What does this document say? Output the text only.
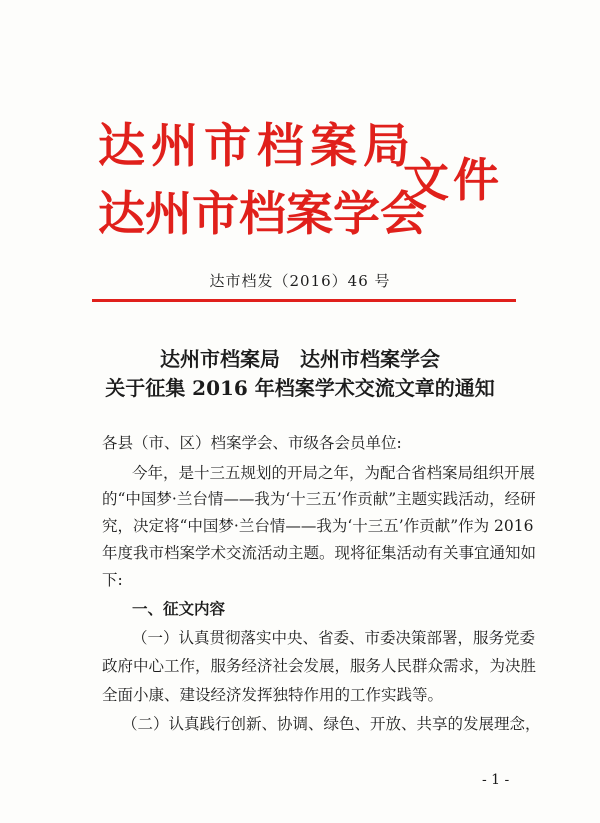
达州市档案局
达州市档案学会
文件
达市档发（2016）46 号
达州市档案局　达州市档案学会
关于征集 2016 年档案学术交流文章的通知
各县（市、区）档案学会、市级各会员单位:
今年，是十三五规划的开局之年，为配合省档案局组织开展
的“中国梦·兰台情——我为‘十三五’作贡献”主题实践活动，经研
究，决定将“中国梦·兰台情——我为‘十三五’作贡献”作为 2016
年度我市档案学术交流活动主题。现将征集活动有关事宜通知如
下:
一、征文内容
（一）认真贯彻落实中央、省委、市委决策部署，服务党委
政府中心工作，服务经济社会发展，服务人民群众需求，为决胜
全面小康、建设经济发挥独特作用的工作实践等。
（二）认真践行创新、协调、绿色、开放、共享的发展理念，
- 1 -
